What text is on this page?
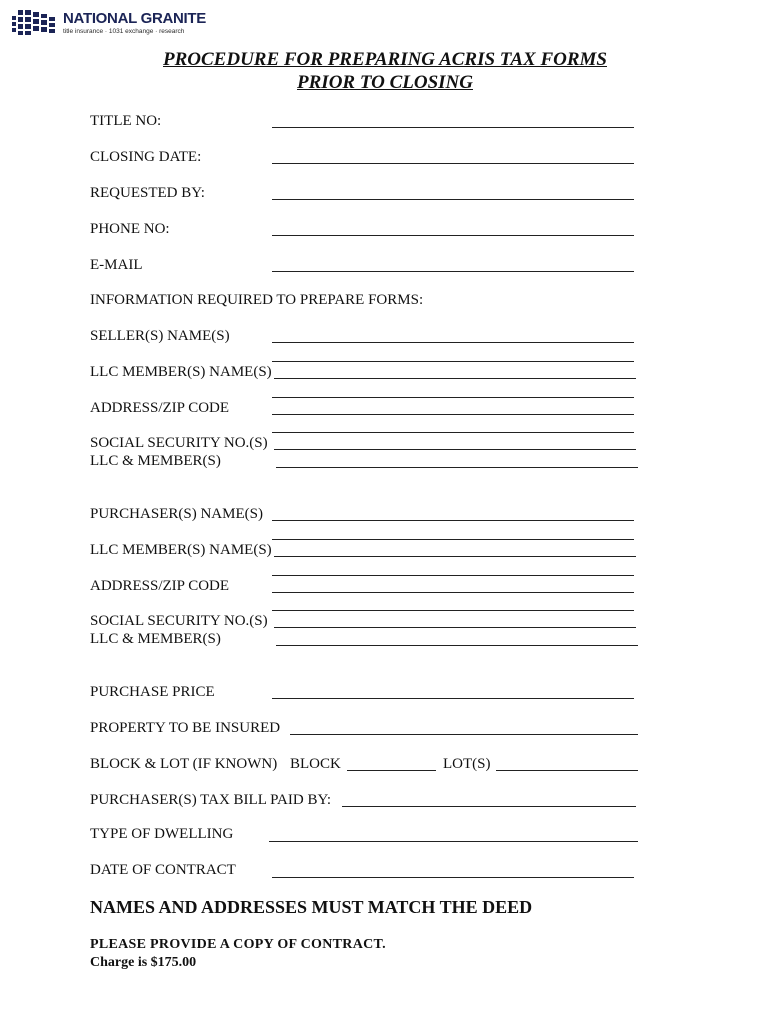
NATIONAL GRANITE
title insurance · 1031 exchange · research
PROCEDURE FOR PREPARING ACRIS TAX FORMS
PRIOR TO CLOSING
TITLE NO:
CLOSING DATE:
REQUESTED BY:
PHONE NO:
E-MAIL
INFORMATION REQUIRED TO PREPARE FORMS:
SELLER(S) NAME(S)
LLC MEMBER(S) NAME(S)
ADDRESS/ZIP CODE
SOCIAL SECURITY NO.(S)
LLC & MEMBER(S)
PURCHASER(S) NAME(S)
LLC MEMBER(S) NAME(S)
ADDRESS/ZIP CODE
SOCIAL SECURITY NO.(S)
LLC & MEMBER(S)
PURCHASE PRICE
PROPERTY TO BE INSURED
BLOCK & LOT (IF KNOWN) BLOCK	LOT(S)
PURCHASER(S) TAX BILL PAID BY:
TYPE OF DWELLING
DATE OF CONTRACT
NAMES AND ADDRESSES MUST MATCH THE DEED
PLEASE PROVIDE A COPY OF CONTRACT.
Charge is $175.00
